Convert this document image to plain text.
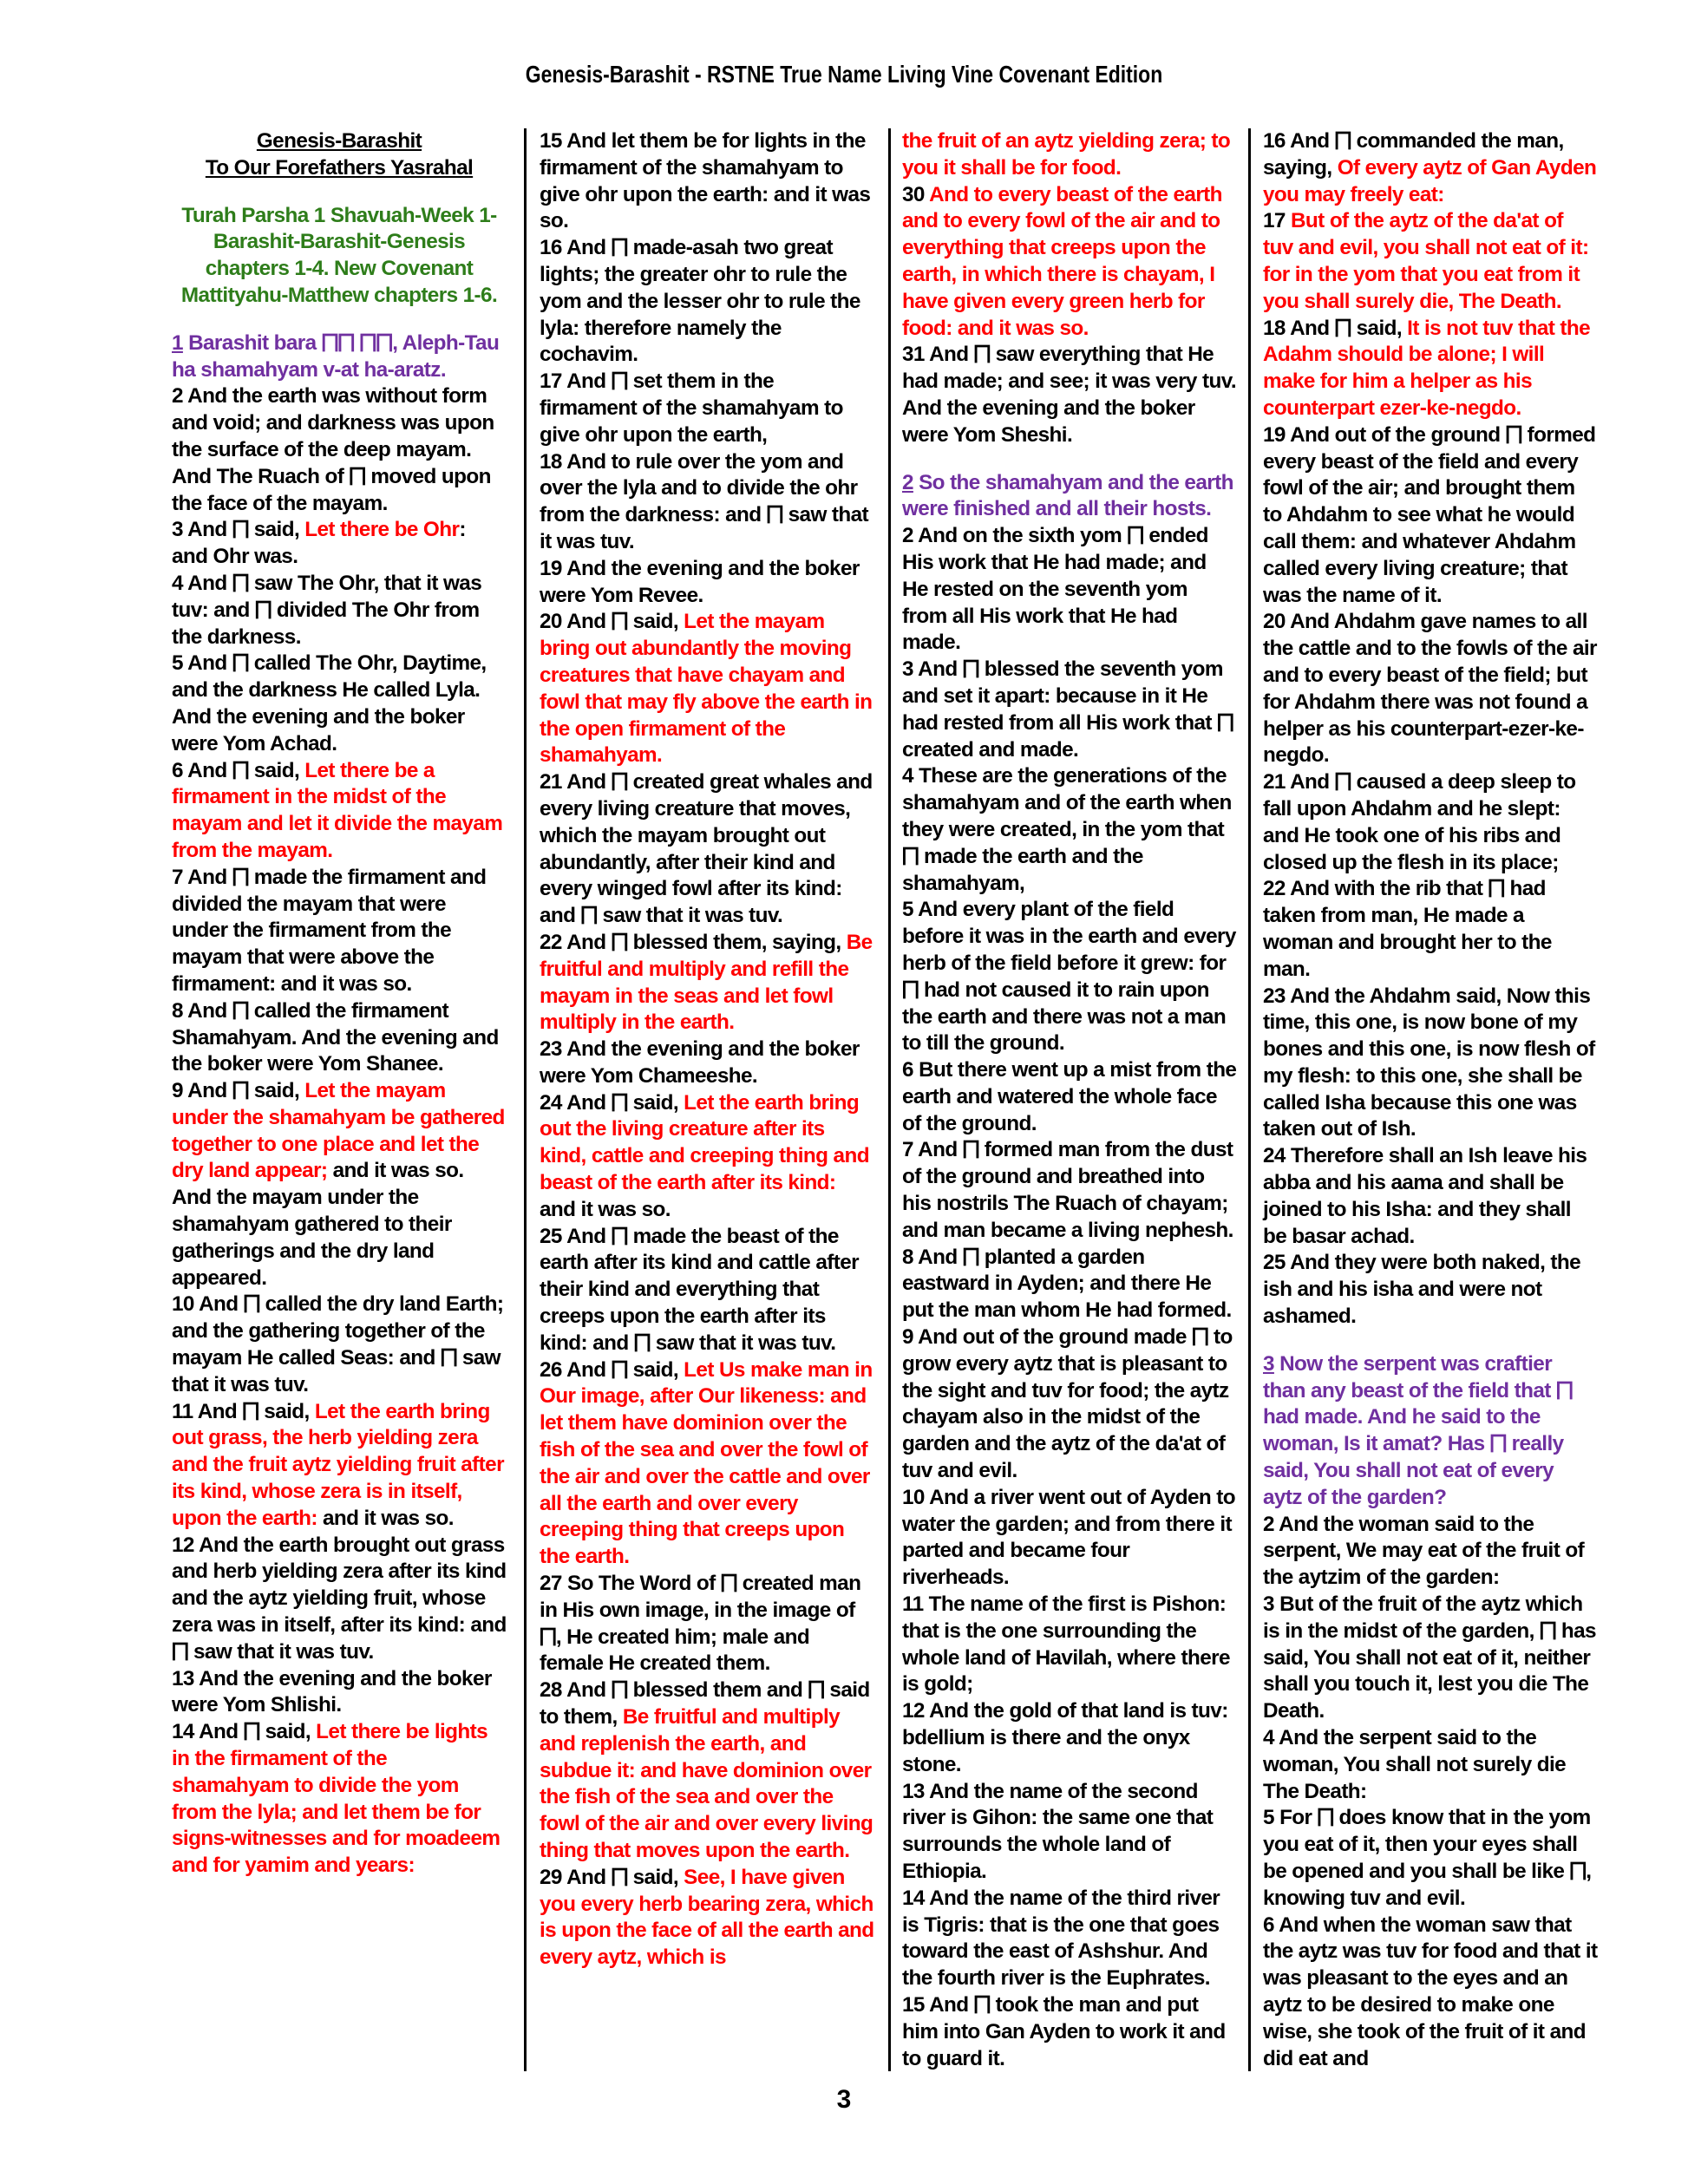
Genesis-Barashit - RSTNE True Name Living Vine Covenant Edition
Genesis-Barashit
To Our Forefathers Yasrahal
Turah Parsha 1 Shavuah-Week 1-Barashit-Barashit-Genesis chapters 1-4. New Covenant Mattityahu-Matthew chapters 1-6.
1 Barashit bara ⨅⨅ ⨅⨅, Aleph-Tau ha shamahyam v-at ha-aratz.
2 And the earth was without form and void; and darkness was upon the surface of the deep mayam. And The Ruach of ⨅ moved upon the face of the mayam.
3 And ⨅ said, Let there be Ohr: and Ohr was.
4 And ⨅ saw The Ohr, that it was tuv: and ⨅ divided The Ohr from the darkness.
5 And ⨅ called The Ohr, Daytime, and the darkness He called Lyla. And the evening and the boker were Yom Achad.
6 And ⨅ said, Let there be a firmament in the midst of the mayam and let it divide the mayam from the mayam.
7 And ⨅ made the firmament and divided the mayam that were under the firmament from the mayam that were above the firmament: and it was so.
8 And ⨅ called the firmament Shamahyam. And the evening and the boker were Yom Shanee.
9 And ⨅ said, Let the mayam under the shamahyam be gathered together to one place and let the dry land appear; and it was so. And the mayam under the shamahyam gathered to their gatherings and the dry land appeared.
10 And ⨅ called the dry land Earth; and the gathering together of the mayam He called Seas: and ⨅ saw that it was tuv.
11 And ⨅ said, Let the earth bring out grass, the herb yielding zera and the fruit aytz yielding fruit after its kind, whose zera is in itself, upon the earth: and it was so.
12 And the earth brought out grass and herb yielding zera after its kind and the aytz yielding fruit, whose zera was in itself, after its kind: and ⨅ saw that it was tuv.
13 And the evening and the boker were Yom Shlishi.
14 And ⨅ said, Let there be lights in the firmament of the shamahyam to divide the yom from the lyla; and let them be for signs-witnesses and for moadeem and for yamim and years:
15 And let them be for lights in the firmament of the shamahyam to give ohr upon the earth: and it was so.
16 And ⨅ made-asah two great lights; the greater ohr to rule the yom and the lesser ohr to rule the lyla: therefore namely the cochavim.
17 And ⨅ set them in the firmament of the shamahyam to give ohr upon the earth,
18 And to rule over the yom and over the lyla and to divide the ohr from the darkness: and ⨅ saw that it was tuv.
19 And the evening and the boker were Yom Revee.
20 And ⨅ said, Let the mayam bring out abundantly the moving creatures that have chayam and fowl that may fly above the earth in the open firmament of the shamahyam.
21 And ⨅ created great whales and every living creature that moves, which the mayam brought out abundantly, after their kind and every winged fowl after its kind: and ⨅ saw that it was tuv.
22 And ⨅ blessed them, saying, Be fruitful and multiply and refill the mayam in the seas and let fowl multiply in the earth.
23 And the evening and the boker were Yom Chameeshe.
24 And ⨅ said, Let the earth bring out the living creature after its kind, cattle and creeping thing and beast of the earth after its kind: and it was so.
25 And ⨅ made the beast of the earth after its kind and cattle after their kind and everything that creeps upon the earth after its kind: and ⨅ saw that it was tuv.
26 And ⨅ said, Let Us make man in Our image, after Our likeness: and let them have dominion over the fish of the sea and over the fowl of the air and over the cattle and over all the earth and over every creeping thing that creeps upon the earth.
27 So The Word of ⨅ created man in His own image, in the image of ⨅, He created him; male and female He created them.
28 And ⨅ blessed them and ⨅ said to them, Be fruitful and multiply and replenish the earth, and subdue it: and have dominion over the fish of the sea and over the fowl of the air and over every living thing that moves upon the earth.
29 And ⨅ said, See, I have given you every herb bearing zera, which is upon the face of all the earth and every aytz, which is
the fruit of an aytz yielding zera; to you it shall be for food.
30 And to every beast of the earth and to every fowl of the air and to everything that creeps upon the earth, in which there is chayam, I have given every green herb for food: and it was so.
31 And ⨅ saw everything that He had made; and see; it was very tuv. And the evening and the boker were Yom Sheshi.
2 So the shamahyam and the earth were finished and all their hosts.
2 And on the sixth yom ⨅ ended His work that He had made; and He rested on the seventh yom from all His work that He had made.
3 And ⨅ blessed the seventh yom and set it apart: because in it He had rested from all His work that ⨅ created and made.
4 These are the generations of the shamahyam and of the earth when they were created, in the yom that ⨅ made the earth and the shamahyam,
5 And every plant of the field before it was in the earth and every herb of the field before it grew: for ⨅ had not caused it to rain upon the earth and there was not a man to till the ground.
6 But there went up a mist from the earth and watered the whole face of the ground.
7 And ⨅ formed man from the dust of the ground and breathed into his nostrils The Ruach of chayam; and man became a living nephesh.
8 And ⨅ planted a garden eastward in Ayden; and there He put the man whom He had formed.
9 And out of the ground made ⨅ to grow every aytz that is pleasant to the sight and tuv for food; the aytz chayam also in the midst of the garden and the aytz of the da'at of tuv and evil.
10 And a river went out of Ayden to water the garden; and from there it parted and became four riverheads.
11 The name of the first is Pishon: that is the one surrounding the whole land of Havilah, where there is gold;
12 And the gold of that land is tuv: bdellium is there and the onyx stone.
13 And the name of the second river is Gihon: the same one that surrounds the whole land of Ethiopia.
14 And the name of the third river is Tigris: that is the one that goes toward the east of Ashshur. And the fourth river is the Euphrates.
15 And ⨅ took the man and put him into Gan Ayden to work it and to guard it.
16 And ⨅ commanded the man, saying, Of every aytz of Gan Ayden you may freely eat:
17 But of the aytz of the da'at of tuv and evil, you shall not eat of it: for in the yom that you eat from it you shall surely die, The Death.
18 And ⨅ said, It is not tuv that the Adahm should be alone; I will make for him a helper as his counterpart ezer-ke-negdo.
19 And out of the ground ⨅ formed every beast of the field and every fowl of the air; and brought them to Ahdahm to see what he would call them: and whatever Ahdahm called every living creature; that was the name of it.
20 And Ahdahm gave names to all the cattle and to the fowls of the air and to every beast of the field; but for Ahdahm there was not found a helper as his counterpart-ezer-ke-negdo.
21 And ⨅ caused a deep sleep to fall upon Ahdahm and he slept: and He took one of his ribs and closed up the flesh in its place;
22 And with the rib that ⨅ had taken from man, He made a woman and brought her to the man.
23 And the Ahdahm said, Now this time, this one, is now bone of my bones and this one, is now flesh of my flesh: to this one, she shall be called Isha because this one was taken out of Ish.
24 Therefore shall an Ish leave his abba and his aama and shall be joined to his Isha: and they shall be basar achad.
25 And they were both naked, the ish and his isha and were not ashamed.
3 Now the serpent was craftier than any beast of the field that ⨅ had made. And he said to the woman, Is it amat? Has ⨅ really said, You shall not eat of every aytz of the garden?
2 And the woman said to the serpent, We may eat of the fruit of the aytzim of the garden:
3 But of the fruit of the aytz which is in the midst of the garden, ⨅ has said, You shall not eat of it, neither shall you touch it, lest you die The Death.
4 And the serpent said to the woman, You shall not surely die The Death:
5 For ⨅ does know that in the yom you eat of it, then your eyes shall be opened and you shall be like ⨅, knowing tuv and evil.
6 And when the woman saw that the aytz was tuv for food and that it was pleasant to the eyes and an aytz to be desired to make one wise, she took of the fruit of it and did eat and
3
